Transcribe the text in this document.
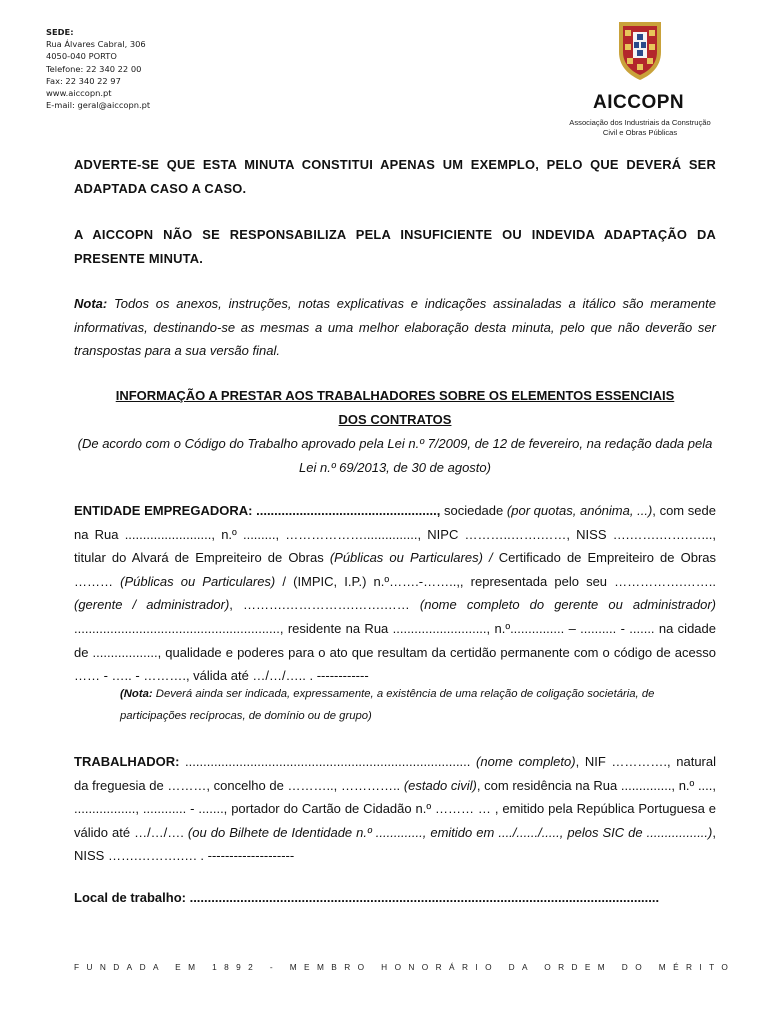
SEDE:
Rua Álvares Cabral, 306
4050-040 PORTO
Telefone: 22 340 22 00
Fax: 22 340 22 97
www.aiccopn.pt
E-mail: geral@aiccopn.pt	AICCOPN
Associação dos Industriais da Construção
Civil e Obras Públicas
ADVERTE-SE QUE ESTA MINUTA CONSTITUI APENAS UM EXEMPLO, PELO QUE DEVERÁ SER ADAPTADA CASO A CASO.
A AICCOPN NÃO SE RESPONSABILIZA PELA INSUFICIENTE OU INDEVIDA ADAPTAÇÃO DA PRESENTE MINUTA.
Nota: Todos os anexos, instruções, notas explicativas e indicações assinaladas a itálico são meramente informativas, destinando-se as mesmas a uma melhor elaboração desta minuta, pelo que não deverão ser transpostas para a sua versão final.
INFORMAÇÃO A PRESTAR AOS TRABALHADORES SOBRE OS ELEMENTOS ESSENCIAIS
DOS CONTRATOS
(De acordo com o Código do Trabalho aprovado pela Lei n.º 7/2009, de 12 de fevereiro, na redação dada pela Lei n.º 69/2013, de 30 de agosto)
ENTIDADE EMPREGADORA: .................................................., sociedade (por quotas, anónima, ...), com sede na Rua ........................, n.º ........., ………………..............., NIPC ………..…….……, NISS ….…….…….…..., titular do Alvará de Empreiteiro de Obras (Públicas ou Particulares) / Certificado de Empreiteiro de Obras ……… (Públicas ou Particulares) / (IMPIC, I.P.) n.º…….-……..,, representada pelo seu …………….…….. (gerente / administrador), ……….…………….…….…… (nome completo do gerente ou administrador) ........................................................., residente na Rua .........................., n.º............... – .......... - ....... na cidade de .................., qualidade e poderes para o ato que resultam da certidão permanente com o código de acesso …… - ….. - ………., válida até …/…/….. . ------------
(Nota: Deverá ainda ser indicada, expressamente, a existência de uma relação de coligação societária, de participações recíprocas, de domínio ou de grupo)
TRABALHADOR: ............................................................................... (nome completo), NIF …………., natural da freguesia de ………, concelho de ……….., ………….. (estado civil), com residência na Rua .............., n.º ...., ................., ............ - ......., portador do Cartão de Cidadão n.º ……… … , emitido pela República Portuguesa e válido até …/…/…. (ou do Bilhete de Identidade n.º ............., emitido em ..../....../....., pelos SIC de .................), NISS …….……….…. . --------------------
Local de trabalho: ..................................................................................................................................
FUNDADA EM 1892 - MEMBRO HONORÁRIO DA ORDEM DO MÉRITO
